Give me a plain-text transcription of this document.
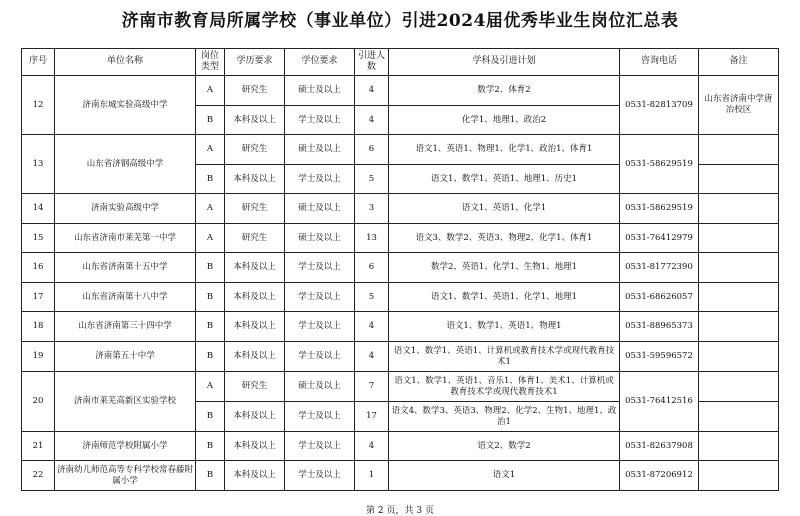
济南市教育局所属学校（事业单位）引进2024届优秀毕业生岗位汇总表
序号	单位名称	岗位类型	学历要求	学位要求	引进人数	学科及引进计划	咨询电话	备注
12	济南东城实验高级中学	A	研究生	硕士及以上	4	数学2、体育2	0531-82813709	山东省济南中学唐冶校区
		B	本科及以上	学士及以上	4	化学1、地理1、政治2		
13	山东省济钢高级中学	A	研究生	硕士及以上	6	语文1、英语1、物理1、化学1、政治1、体育1	0531-58629519	
		B	本科及以上	学士及以上	5	语文1、数学1、英语1、地理1、历史1		
14	济南实验高级中学	A	研究生	硕士及以上	3	语文1、英语1、化学1	0531-58629519	
15	山东省济南市莱芜第一中学	A	研究生	硕士及以上	13	语文3、数学2、英语3、物理2、化学1、体育1	0531-76412979	
16	山东省济南第十五中学	B	本科及以上	学士及以上	6	数学2、英语1、化学1、生物1、地理1	0531-81772390	
17	山东省济南第十八中学	B	本科及以上	学士及以上	5	语文1、数学1、英语1、化学1、地理1	0531-68626057	
18	山东省济南第三十四中学	B	本科及以上	学士及以上	4	语文1、数学1、英语1、物理1	0531-88965373	
19	济南第五十中学	B	本科及以上	学士及以上	4	语文1、数学1、英语1、计算机或教育技术学或现代教育技术1	0531-59596572	
20	济南市莱芜高新区实验学校	A	研究生	硕士及以上	7	语文1、数学1、英语1、音乐1、体育1、美术1、计算机或教育技术学或现代教育技术1	0531-76412516	
		B	本科及以上	学士及以上	17	语文4、数学3、英语3、物理2、化学2、生物1、地理1、政治1		
21	济南师范学校附属小学	B	本科及以上	学士及以上	4	语文2、数学2	0531-82637908	
22	济南幼儿师范高等专科学校常春藤附属小学	B	本科及以上	学士及以上	1	语文1	0531-87206912	
第 2 页，共 3 页
